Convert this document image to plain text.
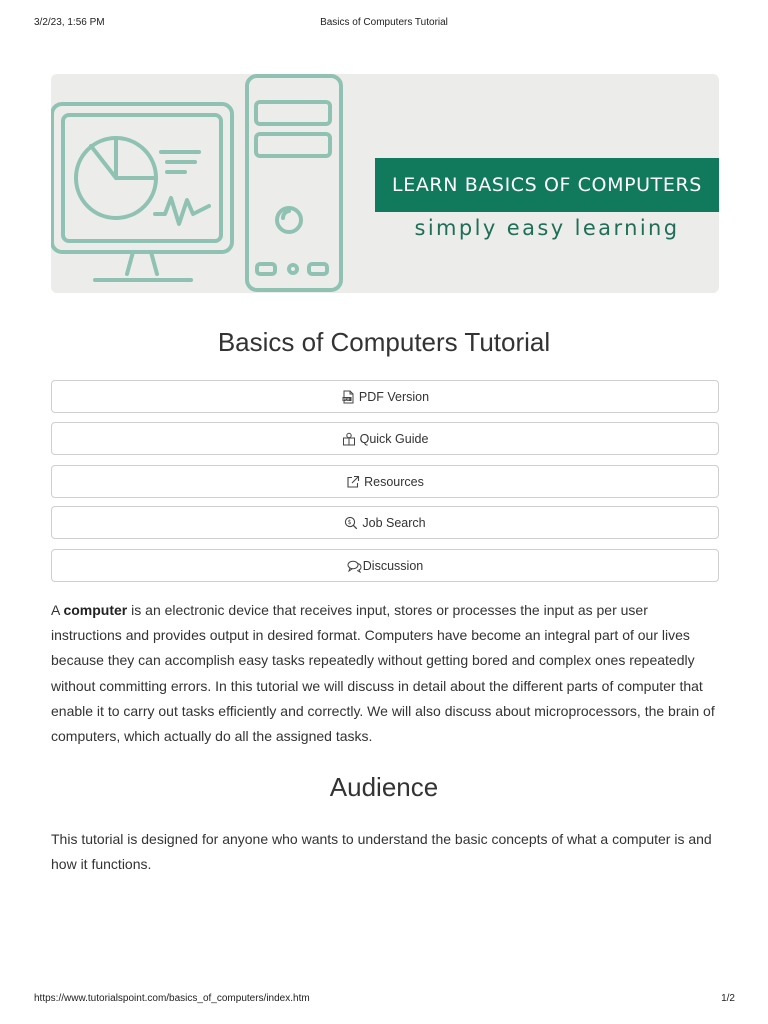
3/2/23, 1:56 PM	Basics of Computers Tutorial
LEARN BASICS OF COMPUTERS
simply easy learning
Basics of Computers Tutorial
PDF PDF Version
Quick Guide
Resources
$ Job Search
Discussion

A computer is an electronic device that receives input, stores or processes the input as per user instructions and provides output in desired format. Computers have become an integral part of our lives because they can accomplish easy tasks repeatedly without getting bored and complex ones repeatedly without committing errors. In this tutorial we will discuss in detail about the different parts of computer that enable it to carry out tasks efficiently and correctly. We will also discuss about microprocessors, the brain of computers, which actually do all the assigned tasks.

Audience

This tutorial is designed for anyone who wants to understand the basic concepts of what a computer is and how it functions.

https://www.tutorialspoint.com/basics_of_computers/index.htm	1/2
